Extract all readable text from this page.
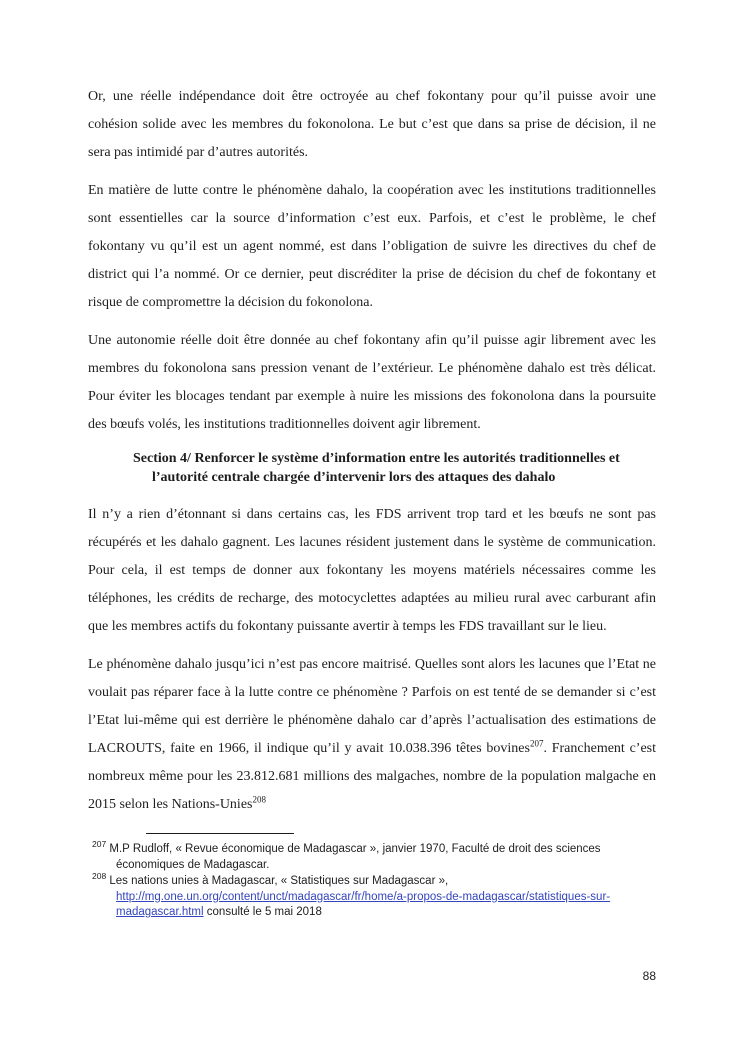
Or, une réelle indépendance doit être octroyée au chef fokontany pour qu’il puisse avoir une cohésion solide avec les membres du fokonolona. Le but c’est que dans sa prise de décision, il ne sera pas intimidé par d’autres autorités.

En matière de lutte contre le phénomène dahalo, la coopération avec les institutions traditionnelles sont essentielles car la source d’information c’est eux. Parfois, et c’est le problème, le chef fokontany vu qu’il est un agent nommé, est dans l’obligation de suivre les directives du chef de district qui l’a nommé. Or ce dernier, peut discréditer la prise de décision du chef de fokontany et risque de compromettre la décision du fokonolona.

Une autonomie réelle doit être donnée au chef fokontany afin qu’il puisse agir librement avec les membres du fokonolona sans pression venant de l’extérieur. Le phénomène dahalo est très délicat. Pour éviter les blocages tendant par exemple à nuire les missions des fokonolona dans la poursuite des bœufs volés, les institutions traditionnelles doivent agir librement.

Section 4/ Renforcer le système d’information entre les autorités traditionnelles et l’autorité centrale chargée d’intervenir lors des attaques des dahalo

Il n’y a rien d’étonnant si dans certains cas, les FDS arrivent trop tard et les bœufs ne sont pas récupérés et les dahalo gagnent. Les lacunes résident justement dans le système de communication. Pour cela, il est temps de donner aux fokontany les moyens matériels nécessaires comme les téléphones, les crédits de recharge, des motocyclettes adaptées au milieu rural avec carburant afin que les membres actifs du fokontany puissante avertir à temps les FDS travaillant sur le lieu.

Le phénomène dahalo jusqu’ici n’est pas encore maitrisé. Quelles sont alors les lacunes que l’Etat ne voulait pas réparer face à la lutte contre ce phénomène ? Parfois on est tenté de se demander si c’est l’Etat lui-même qui est derrière le phénomène dahalo car d’après l’actualisation des estimations de LACROUTS, faite en 1966, il indique qu’il y avait 10.038.396 têtes bovines$^{207}$. Franchement c’est nombreux même pour les 23.812.681 millions des malgaches, nombre de la population malgache en 2015 selon les Nations-Unies$^{208}$

$^{207}$ M.P Rudloff, « Revue économique de Madagascar », janvier 1970, Faculté de droit des sciences économiques de Madagascar.

$^{208}$ Les nations unies à Madagascar, « Statistiques sur Madagascar », http://mg.one.un.org/content/unct/madagascar/fr/home/a-propos-de-madagascar/statistiques-sur-madagascar.html consulté le 5 mai 2018

88
